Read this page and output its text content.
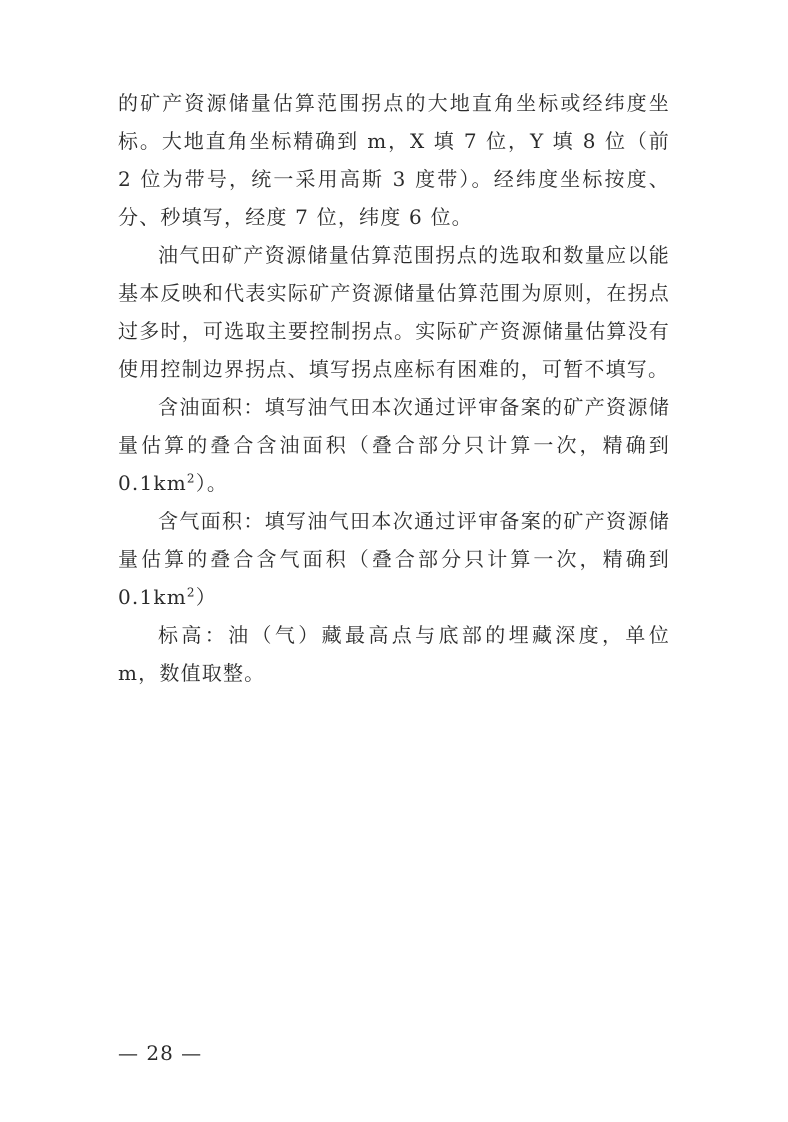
的矿产资源储量估算范围拐点的大地直角坐标或经纬度坐标。大地直角坐标精确到 m，X 填 7 位，Y 填 8 位（前 2 位为带号，统一采用高斯 3 度带）。经纬度坐标按度、分、秒填写，经度 7 位，纬度 6 位。

油气田矿产资源储量估算范围拐点的选取和数量应以能基本反映和代表实际矿产资源储量估算范围为原则，在拐点过多时，可选取主要控制拐点。实际矿产资源储量估算没有使用控制边界拐点、填写拐点座标有困难的，可暂不填写。

含油面积：填写油气田本次通过评审备案的矿产资源储量估算的叠合含油面积（叠合部分只计算一次，精确到 $0.1km^2$）。

含气面积：填写油气田本次通过评审备案的矿产资源储量估算的叠合含气面积（叠合部分只计算一次，精确到 $0.1km^2$）

标高：油（气）藏最高点与底部的埋藏深度，单位 m，数值取整。

— 28 —
